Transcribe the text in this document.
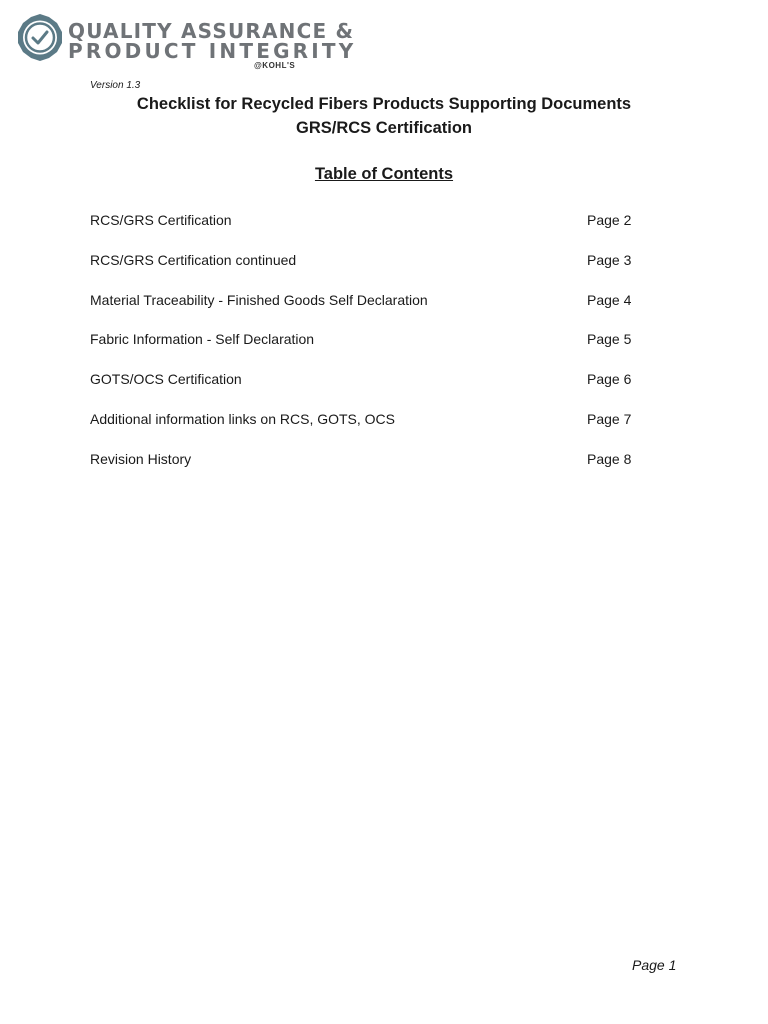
QUALITY ASSURANCE &
PRODUCT INTEGRITY
@KOHL'S
Version 1.3
Checklist for Recycled Fibers Products Supporting Documents
GRS/RCS Certification
Table of Contents
RCS/GRS Certification	Page 2
RCS/GRS Certification continued	Page 3
Material Traceability - Finished Goods Self Declaration	Page 4
Fabric Information - Self Declaration	Page 5
GOTS/OCS Certification	Page 6
Additional information links on RCS, GOTS, OCS	Page 7
Revision History	Page 8
Page 1
